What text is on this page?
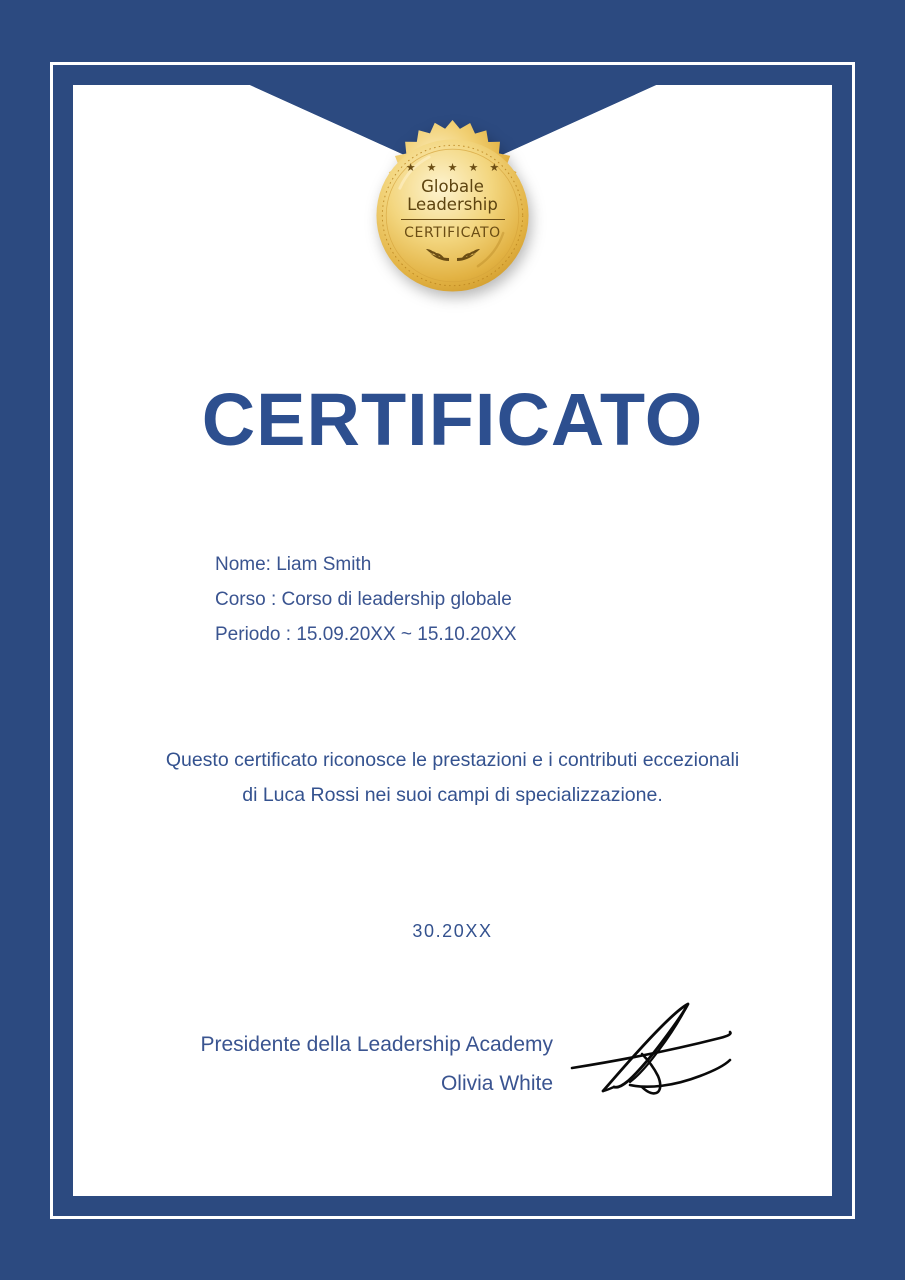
★ ★ ★ ★ ★
Globale
Leadership
CERTIFICATO
CERTIFICATO
Nome: Liam Smith
Corso : Corso di leadership globale
Periodo : 15.09.20XX ~ 15.10.20XX
Questo certificato riconosce le prestazioni e i contributi eccezionali
di Luca Rossi nei suoi campi di specializzazione.
30.20XX
Presidente della Leadership Academy
Olivia White
